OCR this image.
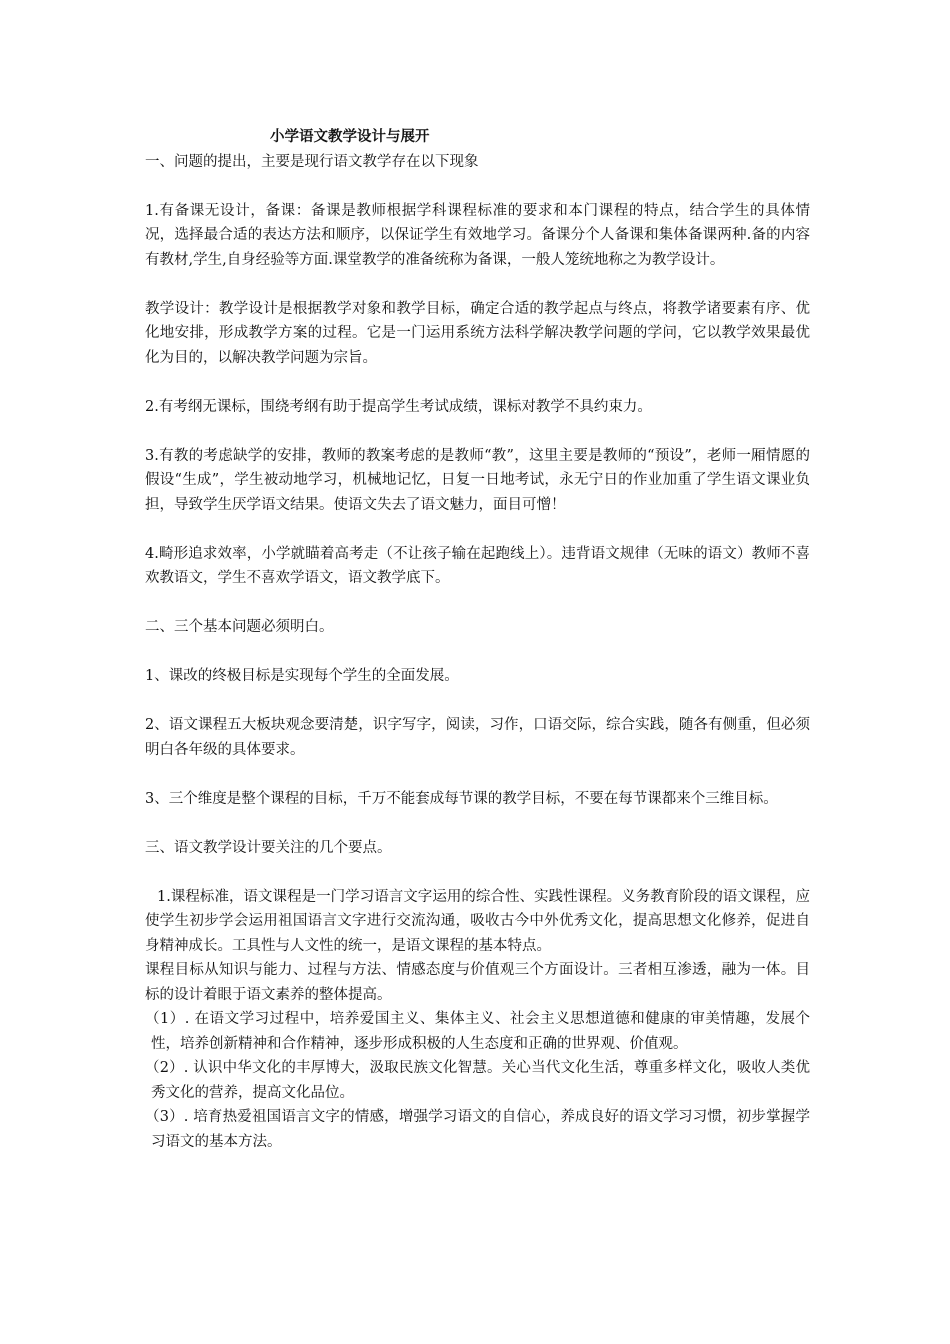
小学语文教学设计与展开

一、问题的提出，主要是现行语文教学存在以下现象

1.有备课无设计，备课：备课是教师根据学科课程标准的要求和本门课程的特点，结合学生的具体情况，选择最合适的表达方法和顺序，以保证学生有效地学习。备课分个人备课和集体备课两种.备的内容有教材,学生,自身经验等方面.课堂教学的准备统称为备课，一般人笼统地称之为教学设计。

教学设计：教学设计是根据教学对象和教学目标，确定合适的教学起点与终点，将教学诸要素有序、优化地安排，形成教学方案的过程。它是一门运用系统方法科学解决教学问题的学问，它以教学效果最优化为目的，以解决教学问题为宗旨。

2.有考纲无课标，围绕考纲有助于提高学生考试成绩，课标对教学不具约束力。

3.有教的考虑缺学的安排，教师的教案考虑的是教师“教”，这里主要是教师的“预设”，老师一厢情愿的假设“生成”，学生被动地学习，机械地记忆，日复一日地考试，永无宁日的作业加重了学生语文课业负担，导致学生厌学语文结果。使语文失去了语文魅力，面目可憎！

4.畸形追求效率，小学就瞄着高考走（不让孩子输在起跑线上）。违背语文规律（无味的语文）教师不喜欢教语文，学生不喜欢学语文，语文教学底下。

二、三个基本问题必须明白。

1、课改的终极目标是实现每个学生的全面发展。

2、语文课程五大板块观念要清楚，识字写字，阅读，习作，口语交际，综合实践，随各有侧重，但必须明白各年级的具体要求。

3、三个维度是整个课程的目标，千万不能套成每节课的教学目标，不要在每节课都来个三维目标。

三、语文教学设计要关注的几个要点。

1.课程标准，语文课程是一门学习语言文字运用的综合性、实践性课程。义务教育阶段的语文课程，应使学生初步学会运用祖国语言文字进行交流沟通，吸收古今中外优秀文化，提高思想文化修养，促进自身精神成长。工具性与人文性的统一，是语文课程的基本特点。

课程目标从知识与能力、过程与方法、情感态度与价值观三个方面设计。三者相互渗透，融为一体。目标的设计着眼于语文素养的整体提高。

（1）. 在语文学习过程中，培养爱国主义、集体主义、社会主义思想道德和健康的审美情趣，发展个性，培养创新精神和合作精神，逐步形成积极的人生态度和正确的世界观、价值观。

（2）. 认识中华文化的丰厚博大，汲取民族文化智慧。关心当代文化生活，尊重多样文化，吸收人类优秀文化的营养，提高文化品位。

（3）. 培育热爱祖国语言文字的情感，增强学习语文的自信心，养成良好的语文学习习惯，初步掌握学习语文的基本方法。
